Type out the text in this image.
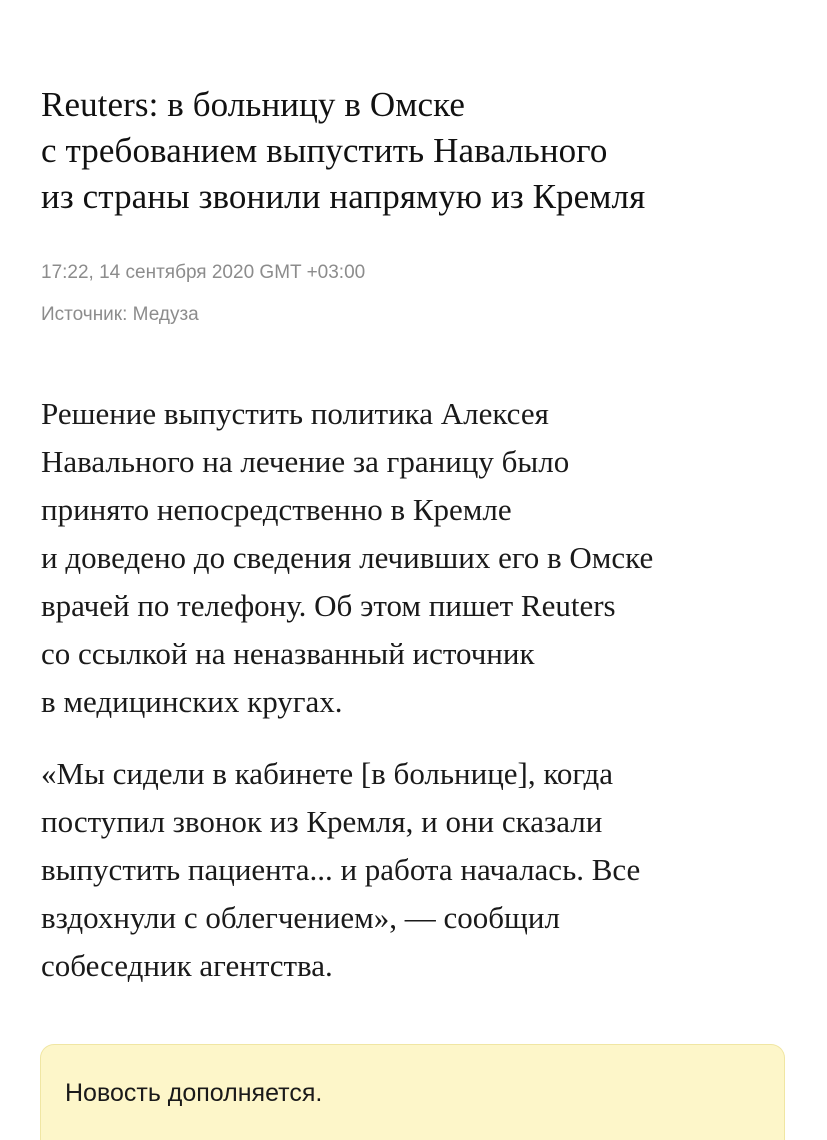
Reuters: в больницу в Омске
с требованием выпустить Навального
из страны звонили напрямую из Кремля
17:22, 14 сентября 2020 GMT +03:00
Источник: Медуза

Решение выпустить политика Алексея
Навального на лечение за границу было
принято непосредственно в Кремле
и доведено до сведения лечивших его в Омске
врачей по телефону. Об этом пишет Reuters
со ссылкой на неназванный источник
в медицинских кругах.

«Мы сидели в кабинете [в больнице], когда
поступил звонок из Кремля, и они сказали
выпустить пациента... и работа началась. Все
вздохнули с облегчением», — сообщил
собеседник агентства.

Новость дополняется.
